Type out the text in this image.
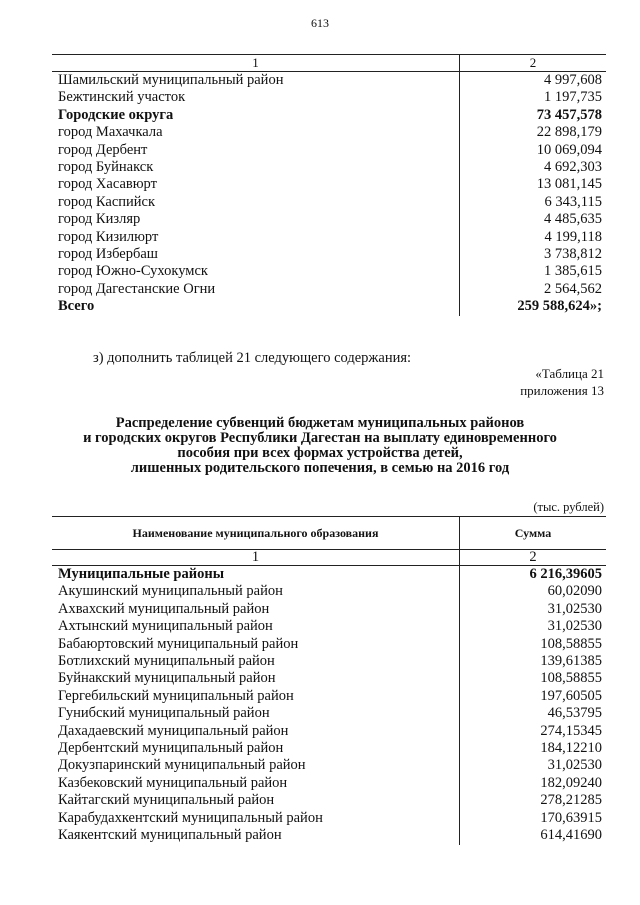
613
1	2
Шамильский муниципальный район	4 997,608
Бежтинский участок	1 197,735
Городские округа	73 457,578
город Махачкала	22 898,179
город Дербент	10 069,094
город Буйнакск	4 692,303
город Хасавюрт	13 081,145
город Каспийск	6 343,115
город Кизляр	4 485,635
город Кизилюрт	4 199,118
город Избербаш	3 738,812
город Южно-Сухокумск	1 385,615
город Дагестанские Огни	2 564,562
Всего	259 588,624»;
з) дополнить таблицей 21 следующего содержания:
«Таблица 21
приложения 13
Распределение субвенций бюджетам муниципальных районов
и городских округов Республики Дагестан на выплату единовременного
пособия при всех формах устройства детей,
лишенных родительского попечения, в семью на 2016 год
(тыс. рублей)
Наименование муниципального образования	Сумма
1	2
Муниципальные районы	6 216,39605
Акушинский муниципальный район	60,02090
Ахвахский муниципальный район	31,02530
Ахтынский муниципальный район	31,02530
Бабаюртовский муниципальный район	108,58855
Ботлихский муниципальный район	139,61385
Буйнакский муниципальный район	108,58855
Гергебильский муниципальный район	197,60505
Гунибский муниципальный район	46,53795
Дахадаевский муниципальный район	274,15345
Дербентский муниципальный район	184,12210
Докузпаринский муниципальный район	31,02530
Казбековский муниципальный район	182,09240
Кайтагский муниципальный район	278,21285
Карабудахкентский муниципальный район	170,63915
Каякентский муниципальный район	614,41690
